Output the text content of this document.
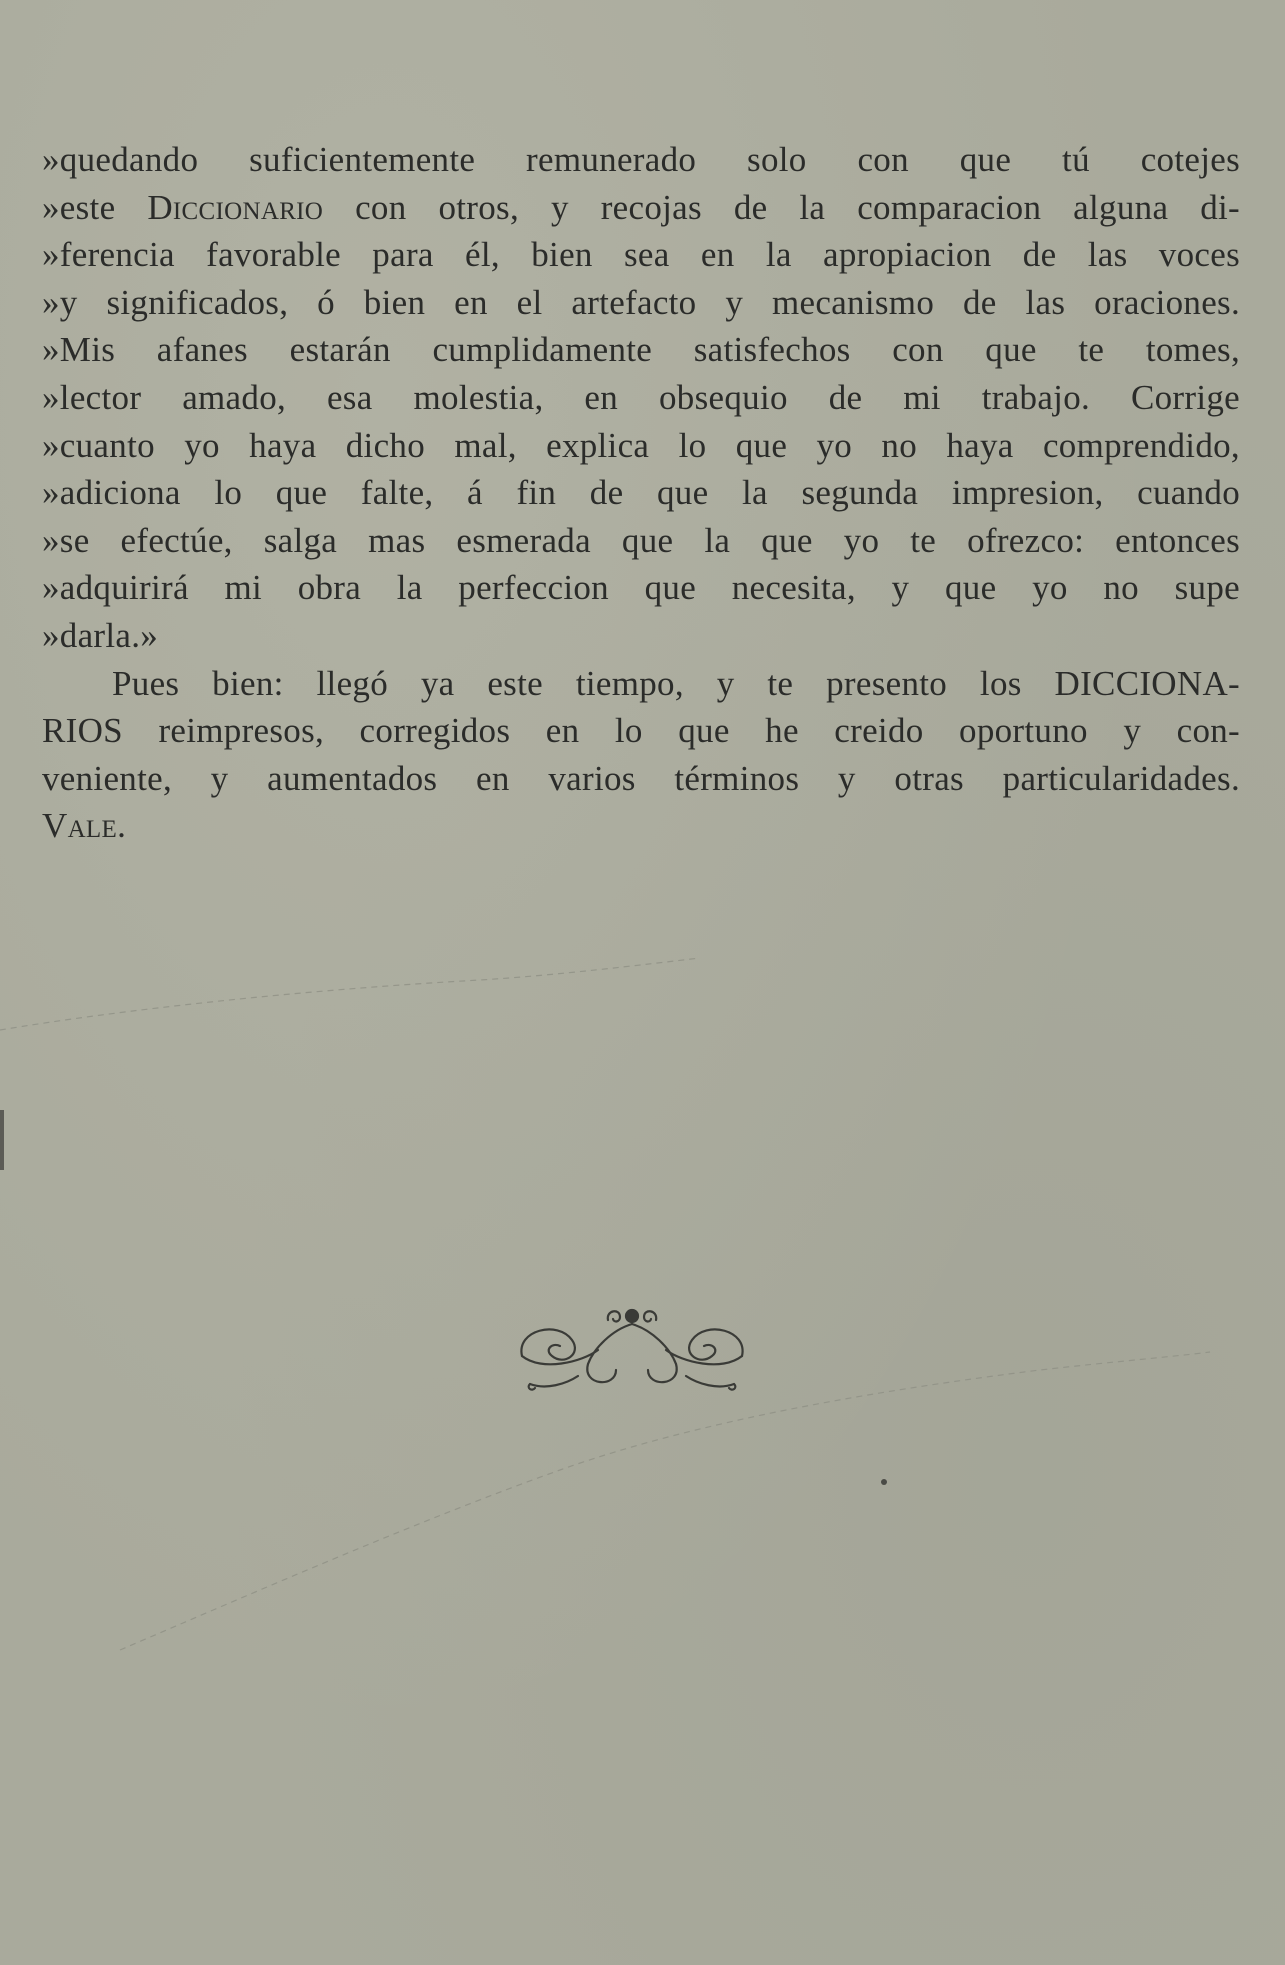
»quedando suficientemente remunerado solo con que tú cotejes
»este Diccionario con otros, y recojas de la comparacion alguna di-
»ferencia favorable para él, bien sea en la apropiacion de las voces
»y significados, ó bien en el artefacto y mecanismo de las oraciones.
»Mis afanes estarán cumplidamente satisfechos con que te tomes,
»lector amado, esa molestia, en obsequio de mi trabajo. Corrige
»cuanto yo haya dicho mal, explica lo que yo no haya comprendido,
»adiciona lo que falte, á fin de que la segunda impresion, cuando
»se efectúe, salga mas esmerada que la que yo te ofrezco: entonces
»adquirirá mi obra la perfeccion que necesita, y que yo no supe
»darla.»
Pues bien: llegó ya este tiempo, y te presento los DICCIONA-
RIOS reimpresos, corregidos en lo que he creido oportuno y con-
veniente, y aumentados en varios términos y otras particularidades.
Vale.
